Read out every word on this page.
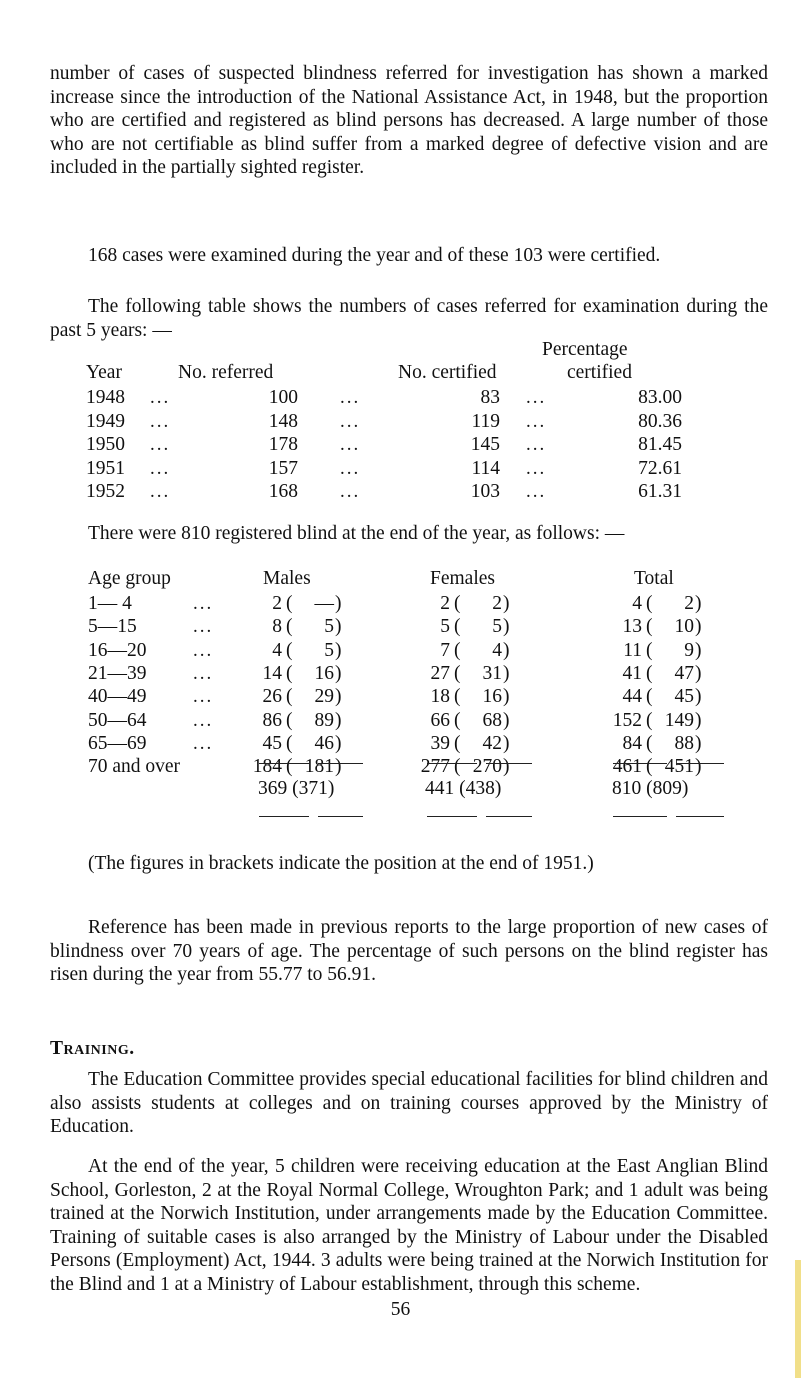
number of cases of suspected blindness referred for investigation has shown a marked increase since the introduction of the National Assistance Act, in 1948, but the proportion who are certified and registered as blind persons has decreased. A large number of those who are not certifiable as blind suffer from a marked degree of defective vision and are included in the partially sighted register.

168 cases were examined during the year and of these 103 were certified.

The following table shows the numbers of cases referred for examination during the past 5 years: —

Percentage
Year	No. referred	No. certified	certified
1948 ...	100 ...	83 ...	83.00
1949 ...	148 ...	119 ...	80.36
1950 ...	178 ...	145 ...	81.45
1951 ...	157 ...	114 ...	72.61
1952 ...	168 ...	103 ...	61.31

There were 810 registered blind at the end of the year, as follows: —

Age group	Males	Females	Total
1— 4	...	2 (	— )	2 (	2 )	4 (	2 )
5—15	...	8 (	5 )	5 (	5 )	13 (	10 )
16—20 ...	4 (	5 )	7 (	4 )	11 (	9 )
21—39 ...	14 (	16 )	27 (	31 )	41 (	47 )
40—49 ...	26 (	29 )	18 (	16 )	44 (	45 )
50—64 ...	86 (	89 )	66 (	68 )	152 ( 149 )
65—69 ...	45 (	46 )	39 (	42 )	84 (	88 )
70 and over	184 ( 181 )	277 ( 270 )	461 ( 451 )
369 (371)	441 (438)	810 (809)

(The figures in brackets indicate the position at the end of 1951.)

Reference has been made in previous reports to the large proportion of new cases of blindness over 70 years of age. The percentage of such persons on the blind register has risen during the year from 55.77 to 56.91.

Training.

The Education Committee provides special educational facilities for blind children and also assists students at colleges and on training courses approved by the Ministry of Education.

At the end of the year, 5 children were receiving education at the East Anglian Blind School, Gorleston, 2 at the Royal Normal College, Wroughton Park; and 1 adult was being trained at the Norwich Institution, under arrangements made by the Education Committee. Training of suitable cases is also arranged by the Ministry of Labour under the Disabled Persons (Employment) Act, 1944. 3 adults were being trained at the Norwich Institution for the Blind and 1 at a Ministry of Labour establishment, through this scheme.

56
